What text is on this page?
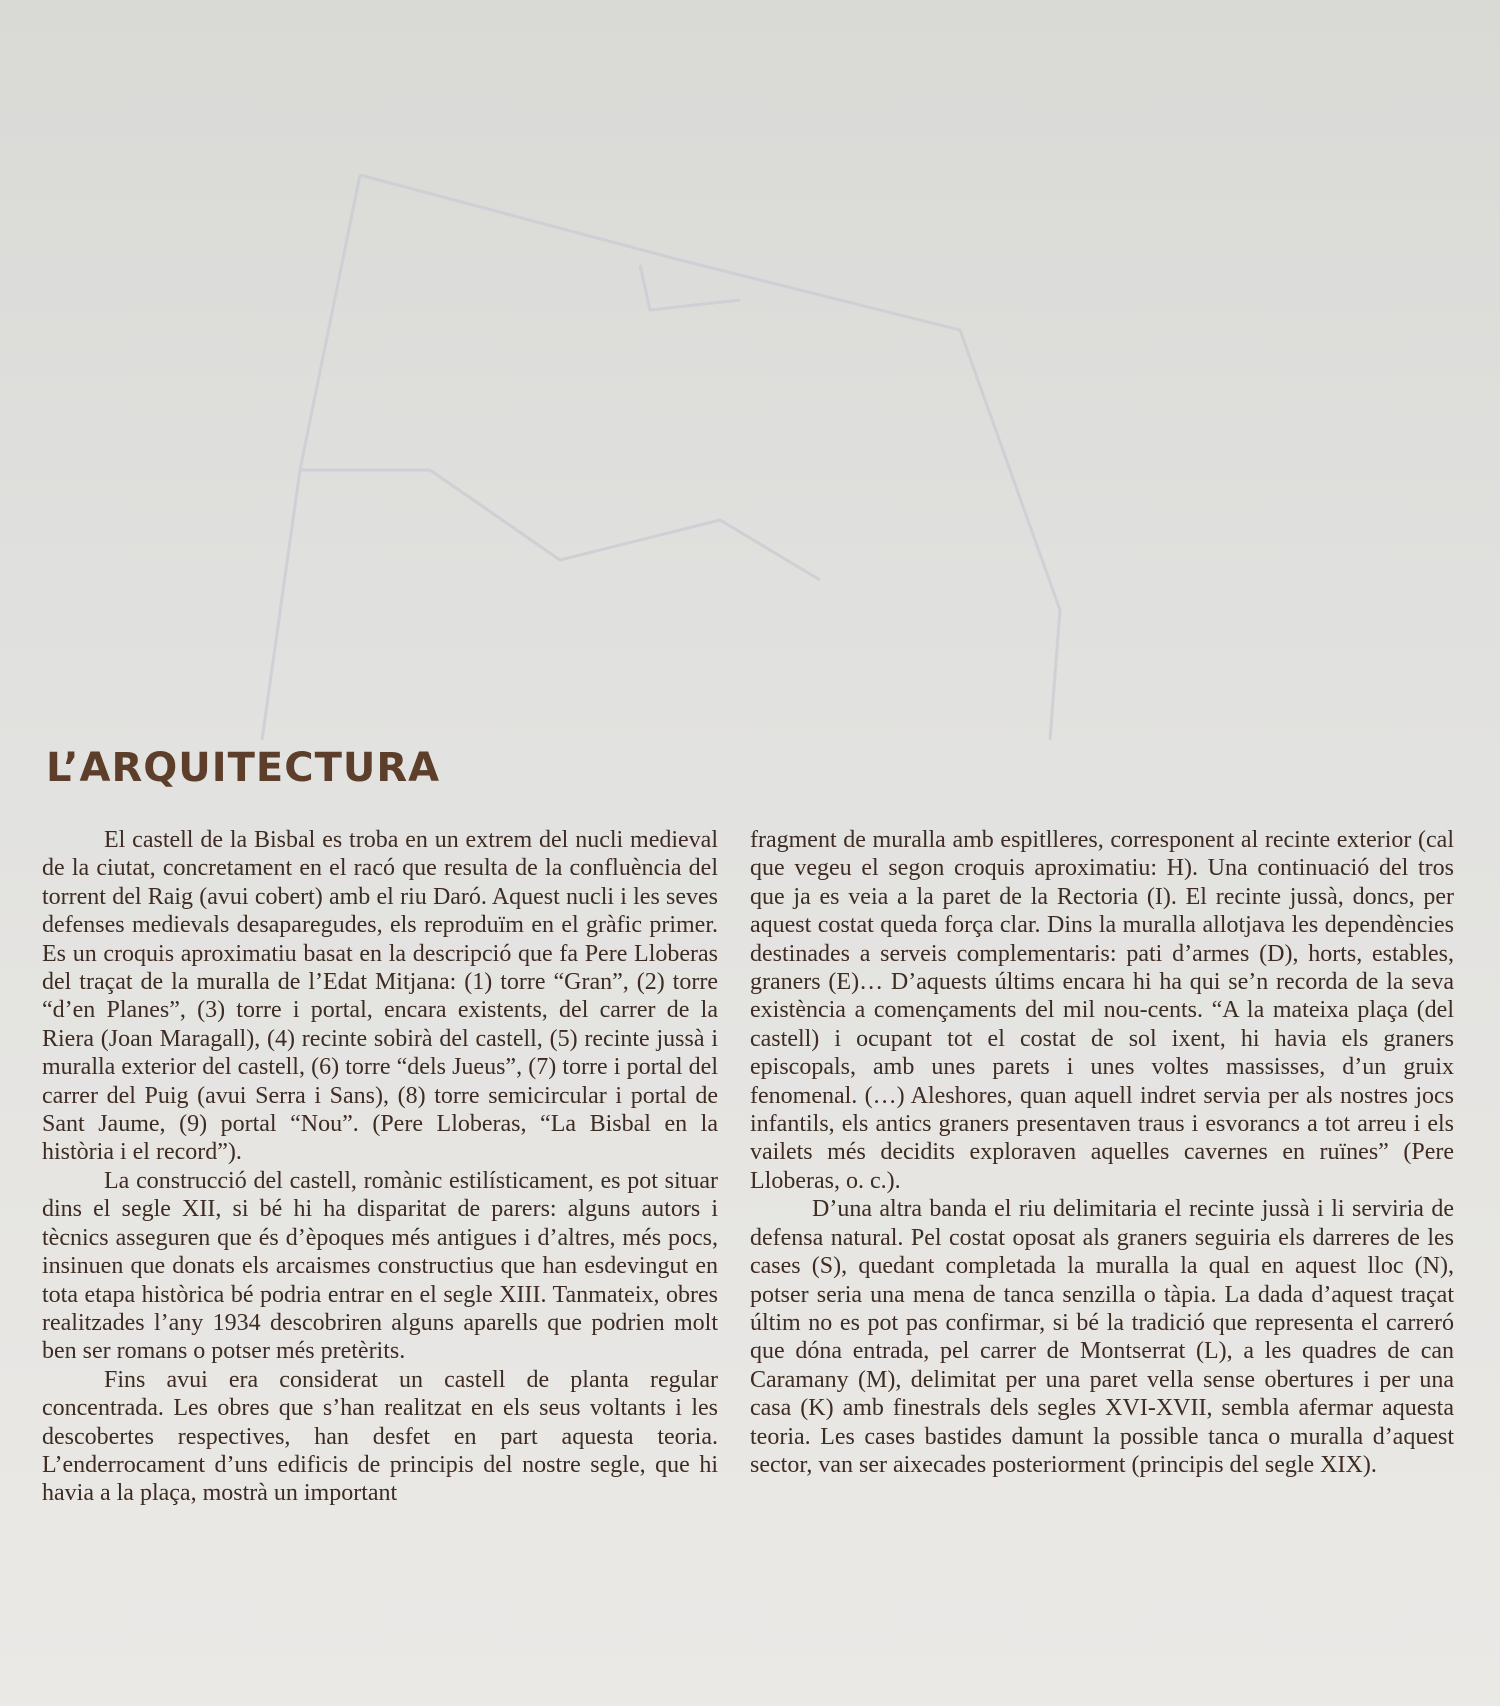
L’ARQUITECTURA

El castell de la Bisbal es troba en un extrem del nucli medieval de la ciutat, concretament en el racó que resulta de la confluència del torrent del Raig (avui cobert) amb el riu Daró. Aquest nucli i les seves defenses medievals desaparegudes, els reproduïm en el gràfic primer. Es un croquis aproximatiu basat en la descripció que fa Pere Lloberas del traçat de la muralla de l’Edat Mitjana: (1) torre “Gran”, (2) torre “d’en Planes”, (3) torre i portal, encara existents, del carrer de la Riera (Joan Maragall), (4) recinte sobirà del castell, (5) recinte jussà i muralla exterior del castell, (6) torre “dels Jueus”, (7) torre i portal del carrer del Puig (avui Serra i Sans), (8) torre semicircular i portal de Sant Jaume, (9) portal “Nou”. (Pere Lloberas, “La Bisbal en la història i el record”).

La construcció del castell, romànic estilísticament, es pot situar dins el segle XII, si bé hi ha disparitat de parers: alguns autors i tècnics asseguren que és d’èpoques més antigues i d’altres, més pocs, insinuen que donats els arcaismes constructius que han esdevingut en tota etapa històrica bé podria entrar en el segle XIII. Tanmateix, obres realitzades l’any 1934 descobriren alguns aparells que podrien molt ben ser romans o potser més pretèrits.

Fins avui era considerat un castell de planta regular concentrada. Les obres que s’han realitzat en els seus voltants i les descobertes respectives, han desfet en part aquesta teoria. L’enderrocament d’uns edificis de principis del nostre segle, que hi havia a la plaça, mostrà un important

fragment de muralla amb espitlleres, corresponent al recinte exterior (cal que vegeu el segon croquis aproximatiu: H). Una continuació del tros que ja es veia a la paret de la Rectoria (I). El recinte jussà, doncs, per aquest costat queda força clar. Dins la muralla allotjava les dependències destinades a serveis complementaris: pati d’armes (D), horts, estables, graners (E)… D’aquests últims encara hi ha qui se’n recorda de la seva existència a començaments del mil nou-cents. “A la mateixa plaça (del castell) i ocupant tot el costat de sol ixent, hi havia els graners episcopals, amb unes parets i unes voltes massisses, d’un gruix fenomenal. (…) Aleshores, quan aquell indret servia per als nostres jocs infantils, els antics graners presentaven traus i esvorancs a tot arreu i els vailets més decidits exploraven aquelles cavernes en ruïnes” (Pere Lloberas, o. c.).

D’una altra banda el riu delimitaria el recinte jussà i li serviria de defensa natural. Pel costat oposat als graners seguiria els darreres de les cases (S), quedant completada la muralla la qual en aquest lloc (N), potser seria una mena de tanca senzilla o tàpia. La dada d’aquest traçat últim no es pot pas confirmar, si bé la tradició que representa el carreró que dóna entrada, pel carrer de Montserrat (L), a les quadres de can Caramany (M), delimitat per una paret vella sense obertures i per una casa (K) amb finestrals dels segles XVI-XVII, sembla afermar aquesta teoria. Les cases bastides damunt la possible tanca o muralla d’aquest sector, van ser aixecades posteriorment (principis del segle XIX).
